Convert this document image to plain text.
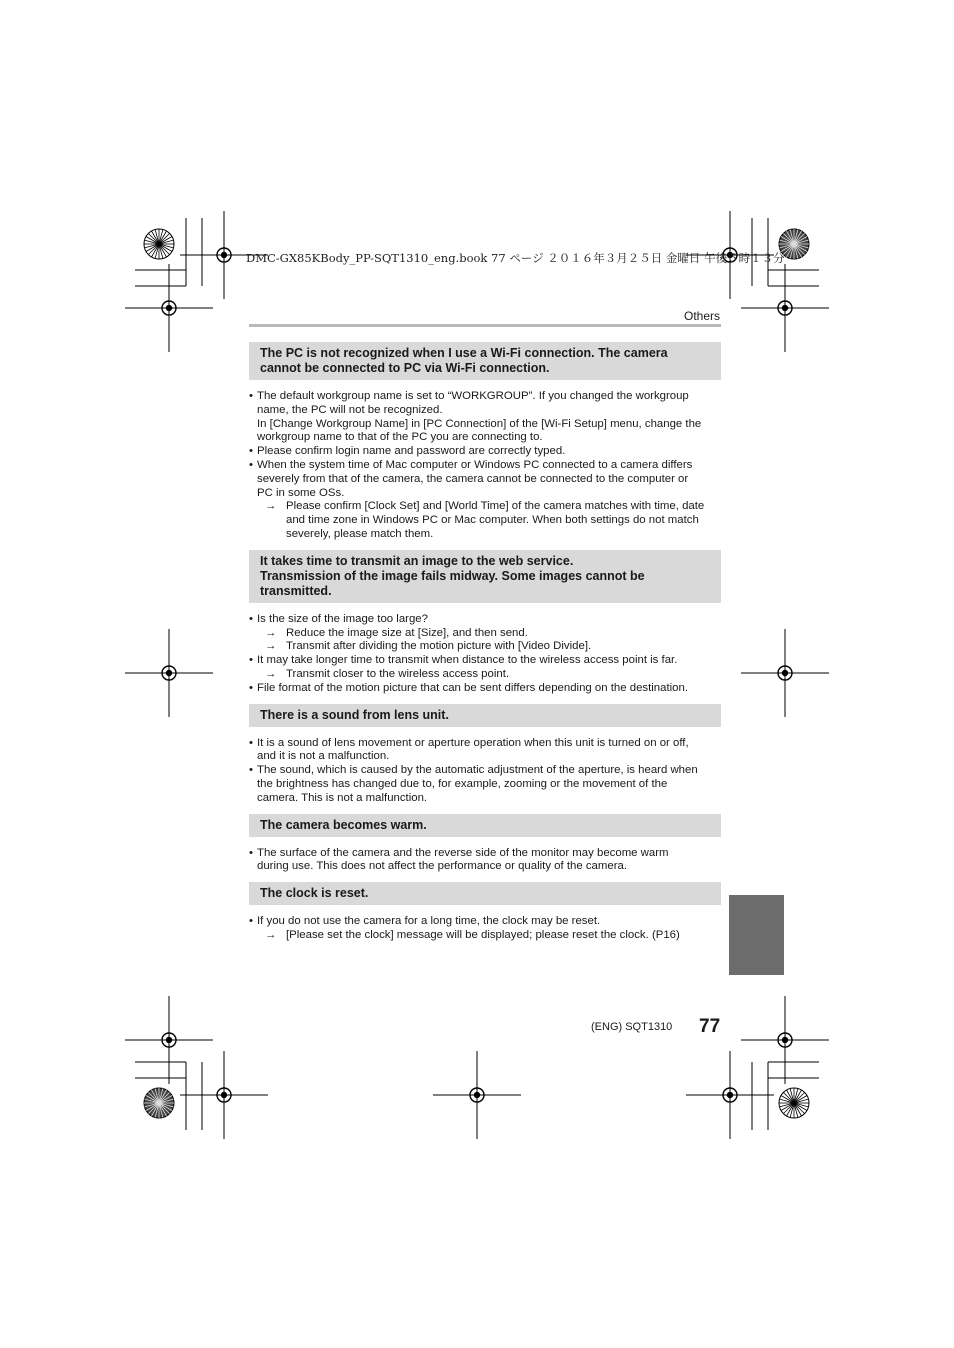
DMC-GX85KBody_PP-SQT1310_eng.book 77 ページ ２０１６年３月２５日 金曜日 午後５時１３分
Others
The PC is not recognized when I use a Wi-Fi connection. The camera
cannot be connected to PC via Wi-Fi connection.
• The default workgroup name is set to “WORKGROUP”. If you changed the workgroup
name, the PC will not be recognized.
In [Change Workgroup Name] in [PC Connection] of the [Wi-Fi Setup] menu, change the
workgroup name to that of the PC you are connecting to.
• Please confirm login name and password are correctly typed.
• When the system time of Mac computer or Windows PC connected to a camera differs
severely from that of the camera, the camera cannot be connected to the computer or
PC in some OSs.
→ Please confirm [Clock Set] and [World Time] of the camera matches with time, date
and time zone in Windows PC or Mac computer. When both settings do not match
severely, please match them.
It takes time to transmit an image to the web service.
Transmission of the image fails midway. Some images cannot be
transmitted.
• Is the size of the image too large?
→ Reduce the image size at [Size], and then send.
→ Transmit after dividing the motion picture with [Video Divide].
• It may take longer time to transmit when distance to the wireless access point is far.
→ Transmit closer to the wireless access point.
• File format of the motion picture that can be sent differs depending on the destination.
There is a sound from lens unit.
• It is a sound of lens movement or aperture operation when this unit is turned on or off,
and it is not a malfunction.
• The sound, which is caused by the automatic adjustment of the aperture, is heard when
the brightness has changed due to, for example, zooming or the movement of the
camera. This is not a malfunction.
The camera becomes warm.
• The surface of the camera and the reverse side of the monitor may become warm
during use. This does not affect the performance or quality of the camera.
The clock is reset.
• If you do not use the camera for a long time, the clock may be reset.
→ [Please set the clock] message will be displayed; please reset the clock. (P16)
(ENG) SQT1310 77
